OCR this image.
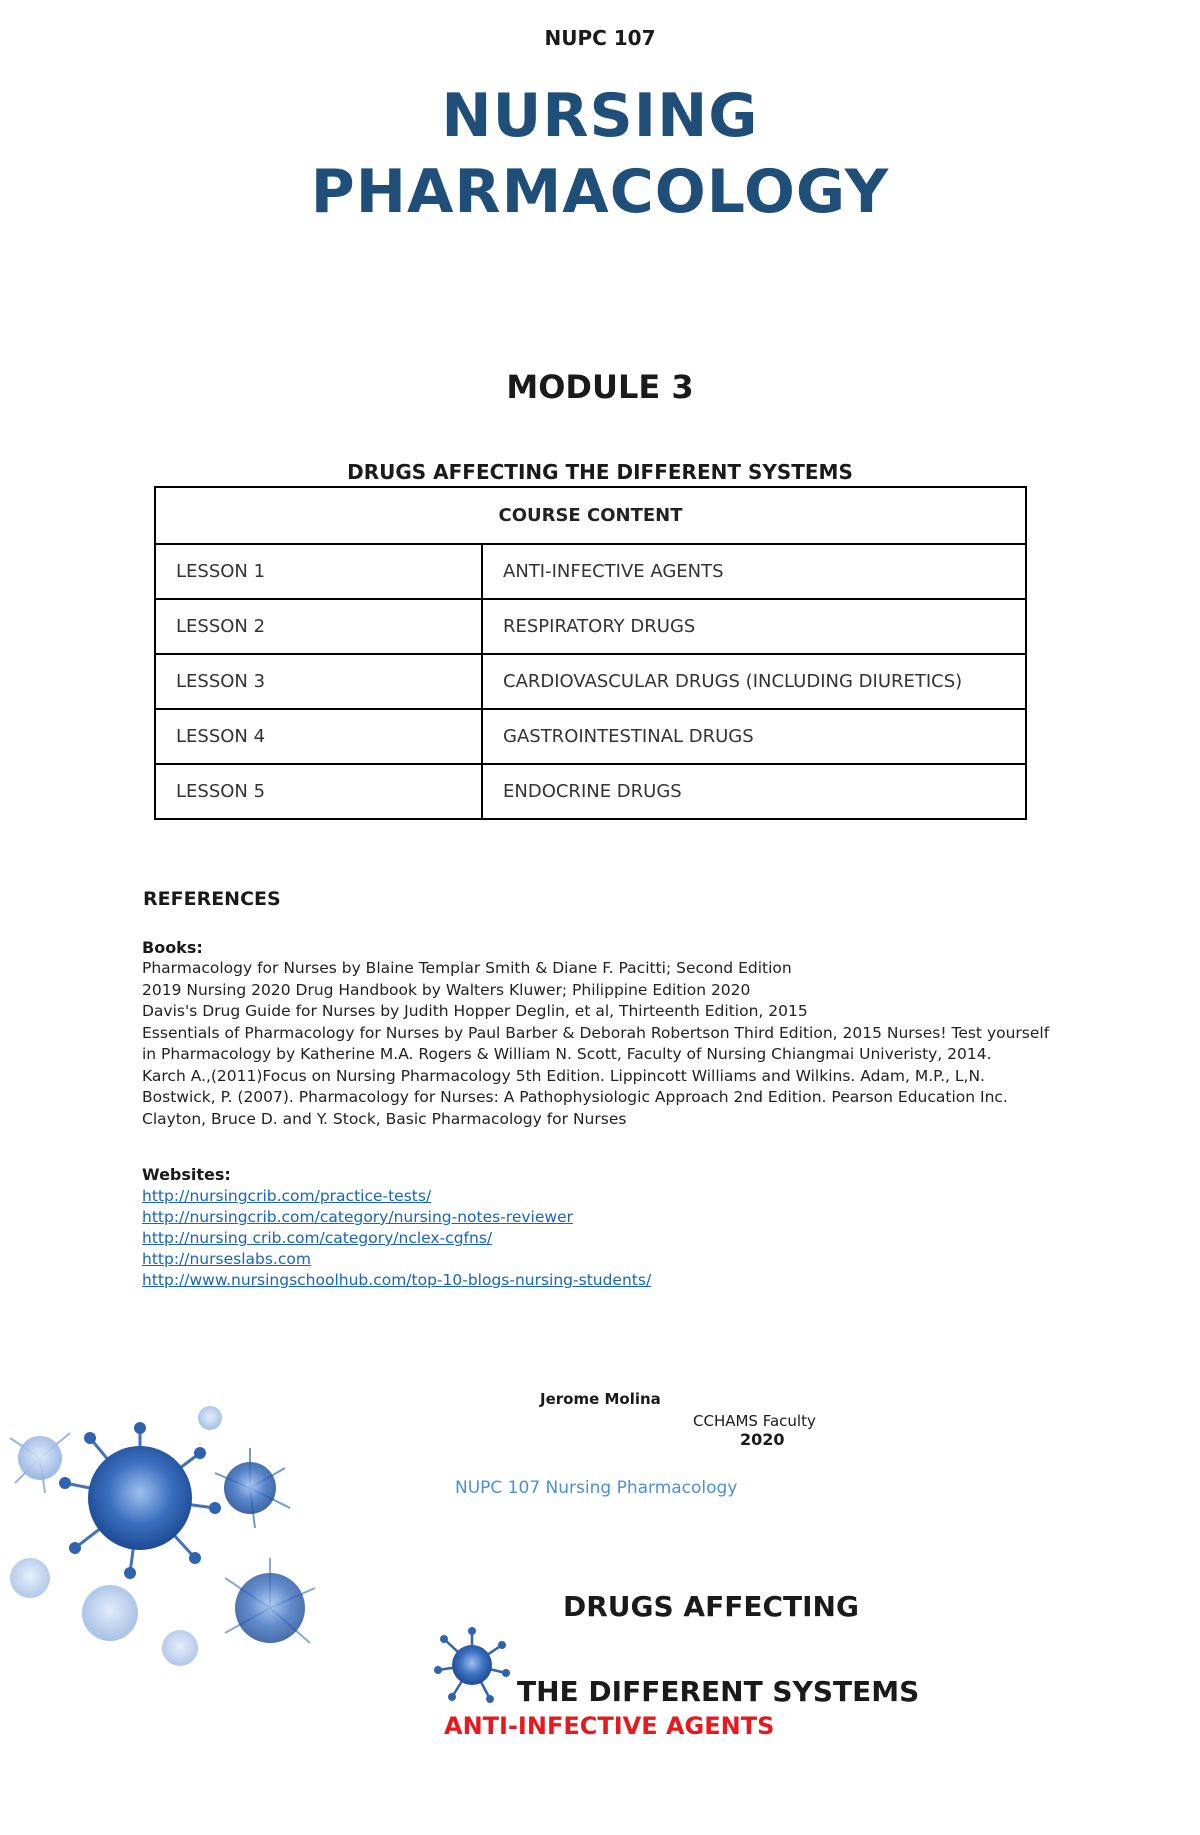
NUPC 107
NURSING
PHARMACOLOGY
MODULE 3
DRUGS AFFECTING THE DIFFERENT SYSTEMS
COURSE CONTENT	
LESSON 1	ANTI-INFECTIVE AGENTS
LESSON 2	RESPIRATORY DRUGS
LESSON 3	CARDIOVASCULAR DRUGS (INCLUDING DIURETICS)
LESSON 4	GASTROINTESTINAL DRUGS
LESSON 5	ENDOCRINE DRUGS
REFERENCES
Books:
Pharmacology for Nurses by Blaine Templar Smith & Diane F. Pacitti; Second Edition
2019 Nursing 2020 Drug Handbook by Walters Kluwer; Philippine Edition 2020
Davis's Drug Guide for Nurses by Judith Hopper Deglin, et al, Thirteenth Edition, 2015
Essentials of Pharmacology for Nurses by Paul Barber & Deborah Robertson Third Edition, 2015 Nurses! Test yourself
in Pharmacology by Katherine M.A. Rogers & William N. Scott, Faculty of Nursing Chiangmai Univeristy, 2014.
Karch A.,(2011)Focus on Nursing Pharmacology 5th Edition. Lippincott Williams and Wilkins. Adam, M.P., L,N.
Bostwick, P. (2007). Pharmacology for Nurses: A Pathophysiologic Approach 2nd Edition. Pearson Education Inc.
Clayton, Bruce D. and Y. Stock, Basic Pharmacology for Nurses
Websites:
http://nursingcrib.com/practice-tests/
http://nursingcrib.com/category/nursing-notes-reviewer
http://nursing crib.com/category/nclex-cgfns/
http://nurseslabs.com
http://www.nursingschoolhub.com/top-10-blogs-nursing-students/
Jerome Molina
CCHAMS Faculty
2020
NUPC 107 Nursing Pharmacology
DRUGS AFFECTING
THE DIFFERENT SYSTEMS
ANTI-INFECTIVE AGENTS
